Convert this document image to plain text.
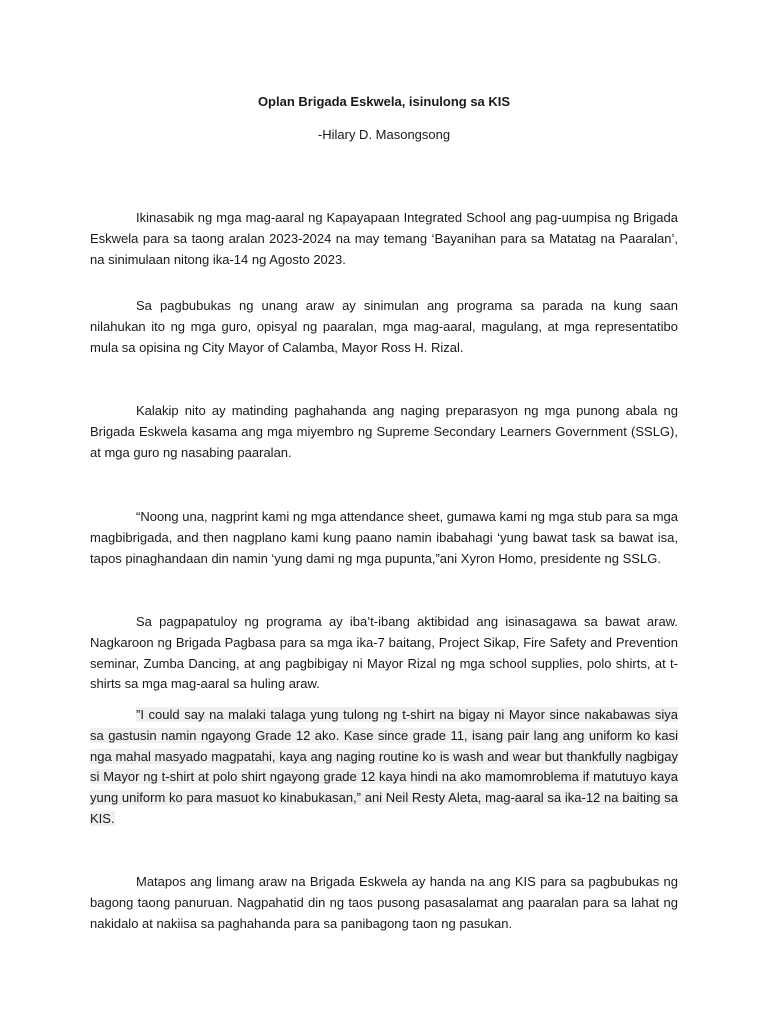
Oplan Brigada Eskwela, isinulong sa KIS
-Hilary D. Masongsong

Ikinasabik ng mga mag-aaral ng Kapayapaan Integrated School ang pag-uumpisa ng Brigada Eskwela para sa taong aralan 2023-2024 na may temang ‘Bayanihan para sa Matatag na Paaralan’, na sinimulaan nitong ika-14 ng Agosto 2023.

Sa pagbubukas ng unang araw ay sinimulan ang programa sa parada na kung saan nilahukan ito ng mga guro, opisyal ng paaralan, mga mag-aaral, magulang, at mga representatibo mula sa opisina ng City Mayor of Calamba, Mayor Ross H. Rizal.

Kalakip nito ay matinding paghahanda ang naging preparasyon ng mga punong abala ng Brigada Eskwela kasama ang mga miyembro ng Supreme Secondary Learners Government (SSLG), at mga guro ng nasabing paaralan.

“Noong una, nagprint kami ng mga attendance sheet, gumawa kami ng mga stub para sa mga magbibrigada, and then nagplano kami kung paano namin ibabahagi ‘yung bawat task sa bawat isa, tapos pinaghandaan din namin ‘yung dami ng mga pupunta,”ani Xyron Homo, presidente ng SSLG.

Sa pagpapatuloy ng programa ay iba’t-ibang aktibidad ang isinasagawa sa bawat araw. Nagkaroon ng Brigada Pagbasa para sa mga ika-7 baitang, Project Sikap, Fire Safety and Prevention seminar, Zumba Dancing, at ang pagbibigay ni Mayor Rizal ng mga school supplies, polo shirts, at t-shirts sa mga mag-aaral sa huling araw.

”I could say na malaki talaga yung tulong ng t-shirt na bigay ni Mayor since nakabawas siya sa gastusin namin ngayong Grade 12 ako. Kase since grade 11, isang pair lang ang uniform ko kasi nga mahal masyado magpatahi, kaya ang naging routine ko is wash and wear but thankfully nagbigay si Mayor ng t-shirt at polo shirt ngayong grade 12 kaya hindi na ako mamomroblema if matutuyo kaya yung uniform ko para masuot ko kinabukasan,” ani Neil Resty Aleta, mag-aaral sa ika-12 na baiting sa KIS.

Matapos ang limang araw na Brigada Eskwela ay handa na ang KIS para sa pagbubukas ng bagong taong panuruan. Nagpahatid din ng taos pusong pasasalamat ang paaralan para sa lahat ng nakidalo at nakiisa sa paghahanda para sa panibagong taon ng pasukan.
